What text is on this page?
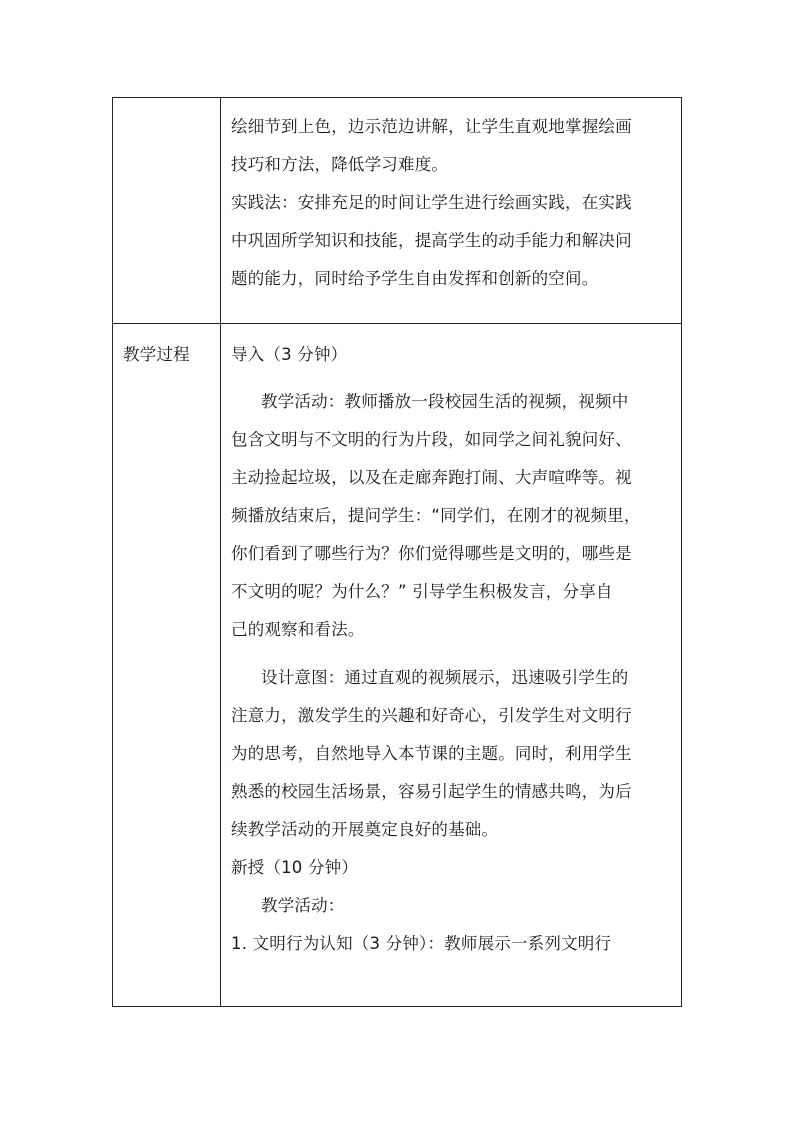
教学过程
绘细节到上色，边示范边讲解，让学生直观地掌握绘画
技巧和方法，降低学习难度。
实践法：安排充足的时间让学生进行绘画实践，在实践
中巩固所学知识和技能，提高学生的动手能力和解决问
题的能力，同时给予学生自由发挥和创新的空间。
导入（3 分钟）
教学活动：教师播放一段校园生活的视频，视频中
包含文明与不文明的行为片段，如同学之间礼貌问好、
主动捡起垃圾，以及在走廊奔跑打闹、大声喧哗等。视
频播放结束后，提问学生：“同学们，在刚才的视频里，
你们看到了哪些行为？你们觉得哪些是文明的，哪些是
不文明的呢？为什么？” 引导学生积极发言，分享自
己的观察和看法。
设计意图：通过直观的视频展示，迅速吸引学生的
注意力，激发学生的兴趣和好奇心，引发学生对文明行
为的思考，自然地导入本节课的主题。同时，利用学生
熟悉的校园生活场景，容易引起学生的情感共鸣，为后
续教学活动的开展奠定良好的基础。
新授（10 分钟）
教学活动：
1. 文明行为认知（3 分钟）：教师展示一系列文明行
